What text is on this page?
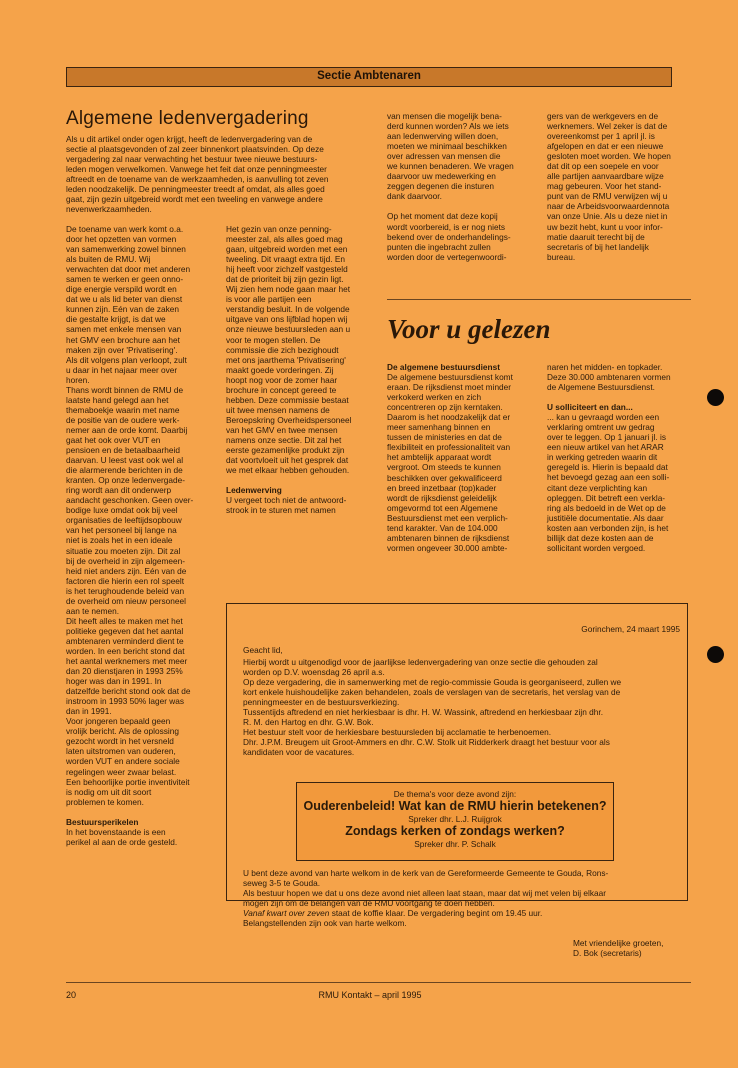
Sectie Ambtenaren
Algemene ledenvergadering

Als u dit artikel onder ogen krijgt, heeft de ledenvergadering van de

sectie al plaatsgevonden of zal zeer binnenkort plaatsvinden. Op deze

vergadering zal naar verwachting het bestuur twee nieuwe bestuurs-

leden mogen verwelkomen. Vanwege het feit dat onze penningmeester

aftreedt en de toename van de werkzaamheden, is aanvulling tot zeven

leden noodzakelijk. De penningmeester treedt af omdat, als alles goed

gaat, zijn gezin uitgebreid wordt met een tweeling en vanwege andere

nevenwerkzaamheden.

De toename van werk komt o.a.

door het opzetten van vormen

van samenwerking zowel binnen

als buiten de RMU. Wij

verwachten dat door met anderen

samen te werken er geen onno-

dige energie verspild wordt en

dat we u als lid beter van dienst

kunnen zijn. Eén van de zaken

die gestalte krijgt, is dat we

samen met enkele mensen van

het GMV een brochure aan het

maken zijn over 'Privatisering'.

Als dit volgens plan verloopt, zult

u daar in het najaar meer over

horen.

Thans wordt binnen de RMU de

laatste hand gelegd aan het

themaboekje waarin met name

de positie van de oudere werk-

nemer aan de orde komt. Daarbij

gaat het ook over VUT en

pensioen en de betaalbaarheid

daarvan. U leest vast ook wel al

die alarmerende berichten in de

kranten. Op onze ledenvergade-

ring wordt aan dit onderwerp

aandacht geschonken. Geen over-

bodige luxe omdat ook bij veel

organisaties de leeftijdsopbouw

van het personeel bij lange na

niet is zoals het in een ideale

situatie zou moeten zijn. Dit zal

bij de overheid in zijn algemeen-

heid niet anders zijn. Eén van de

factoren die hierin een rol speelt

is het terughoudende beleid van

de overheid om nieuw personeel

aan te nemen.

Dit heeft alles te maken met het

politieke gegeven dat het aantal

ambtenaren verminderd dient te

worden. In een bericht stond dat

het aantal werknemers met meer

dan 20 dienstjaren in 1993 25%

hoger was dan in 1991. In

datzelfde bericht stond ook dat de

instroom in 1993 50% lager was

dan in 1991.

Voor jongeren bepaald geen

vrolijk bericht. Als de oplossing

gezocht wordt in het versneld

laten uitstromen van ouderen,

worden VUT en andere sociale

regelingen weer zwaar belast.

Een behoorlijke portie inventiviteit

is nodig om uit dit soort

problemen te komen.

Bestuursperikelen

In het bovenstaande is een

perikel al aan de orde gesteld.

Het gezin van onze penning-

meester zal, als alles goed mag

gaan, uitgebreid worden met een

tweeling. Dit vraagt extra tijd. En

hij heeft voor zichzelf vastgesteld

dat de prioriteit bij zijn gezin ligt.

Wij zien hem node gaan maar het

is voor alle partijen een

verstandig besluit. In de volgende

uitgave van ons lijfblad hopen wij

onze nieuwe bestuursleden aan u

voor te mogen stellen. De

commissie die zich bezighoudt

met ons jaarthema 'Privatisering'

maakt goede vorderingen. Zij

hoopt nog voor de zomer haar

brochure in concept gereed te

hebben. Deze commissie bestaat

uit twee mensen namens de

Beroepskring Overheidspersoneel

van het GMV en twee mensen

namens onze sectie. Dit zal het

eerste gezamenlijke produkt zijn

dat voortvloeit uit het gesprek dat

we met elkaar hebben gehouden.

Ledenwerving

U vergeet toch niet de antwoord-

strook in te sturen met namen

van mensen die mogelijk bena-

derd kunnen worden? Als we iets

aan ledenwerving willen doen,

moeten we minimaal beschikken

over adressen van mensen die

we kunnen benaderen. We vragen

daarvoor uw medewerking en

zeggen degenen die insturen

dank daarvoor.

Op het moment dat deze kopij

wordt voorbereid, is er nog niets

bekend over de onderhandelings-

punten die ingebracht zullen

worden door de vertegenwoordi-

gers van de werkgevers en de

werknemers. Wel zeker is dat de

overeenkomst per 1 april jl. is

afgelopen en dat er een nieuwe

gesloten moet worden. We hopen

dat dit op een soepele en voor

alle partijen aanvaardbare wijze

mag gebeuren. Voor het stand-

punt van de RMU verwijzen wij u

naar de Arbeidsvoorwaardennota

van onze Unie. Als u deze niet in

uw bezit hebt, kunt u voor infor-

matie daaruit terecht bij de

secretaris of bij het landelijk

bureau.

Voor u gelezen
De algemene bestuursdienst

De algemene bestuursdienst komt

eraan. De rijksdienst moet minder

verkokerd werken en zich

concentreren op zijn kerntaken.

Daarom is het noodzakelijk dat er

meer samenhang binnen en

tussen de ministeries en dat de

flexibiliteit en professionaliteit van

het ambtelijk apparaat wordt

vergroot. Om steeds te kunnen

beschikken over gekwalificeerd

en breed inzetbaar (top)kader

wordt de rijksdienst geleidelijk

omgevormd tot een Algemene

Bestuursdienst met een verplich-

tend karakter. Van de 104.000

ambtenaren binnen de rijksdienst

vormen ongeveer 30.000 ambte-

naren het midden- en topkader.

Deze 30.000 ambtenaren vormen

de Algemene Bestuursdienst.

U solliciteert en dan...

... kan u gevraagd worden een

verklaring omtrent uw gedrag

over te leggen. Op 1 januari jl. is

een nieuw artikel van het ARAR

in werking getreden waarin dit

geregeld is. Hierin is bepaald dat

het bevoegd gezag aan een solli-

citant deze verplichting kan

opleggen. Dit betreft een verkla-

ring als bedoeld in de Wet op de

justitiële documentatie. Als daar

kosten aan verbonden zijn, is het

billijk dat deze kosten aan de

sollicitant worden vergoed.

Gorinchem, 24 maart 1995
Geacht lid,

Hierbij wordt u uitgenodigd voor de jaarlijkse ledenvergadering van onze sectie die gehouden zal

worden op D.V. woensdag 26 april a.s.

Op deze vergadering, die in samenwerking met de regio-commissie Gouda is georganiseerd, zullen we

kort enkele huishoudelijke zaken behandelen, zoals de verslagen van de secretaris, het verslag van de

penningmeester en de bestuursverkiezing.

Tussentijds aftredend en niet herkiesbaar is dhr. H. W. Wassink, aftredend en herkiesbaar zijn dhr.

R. M. den Hartog en dhr. G.W. Bok.

Het bestuur stelt voor de herkiesbare bestuursleden bij acclamatie te herbenoemen.

Dhr. J.P.M. Breugem uit Groot-Ammers en dhr. C.W. Stolk uit Ridderkerk draagt het bestuur voor als

kandidaten voor de vacatures.

De thema's voor deze avond zijn:
Ouderenbeleid! Wat kan de RMU hierin betekenen?
Spreker dhr. L.J. Ruijgrok
Zondags kerken of zondags werken?
Spreker dhr. P. Schalk

U bent deze avond van harte welkom in de kerk van de Gereformeerde Gemeente te Gouda, Rons-

seweg 3-5 te Gouda.

Als bestuur hopen we dat u ons deze avond niet alleen laat staan, maar dat wij met velen bij elkaar

mogen zijn om de belangen van de RMU voortgang te doen hebben.

Vanaf kwart over zeven staat de koffie klaar. De vergadering begint om 19.45 uur.
Belangstellenden zijn ook van harte welkom.
Met vriendelijke groeten,
D. Bok (secretaris)
20	RMU Kontakt – april 1995
